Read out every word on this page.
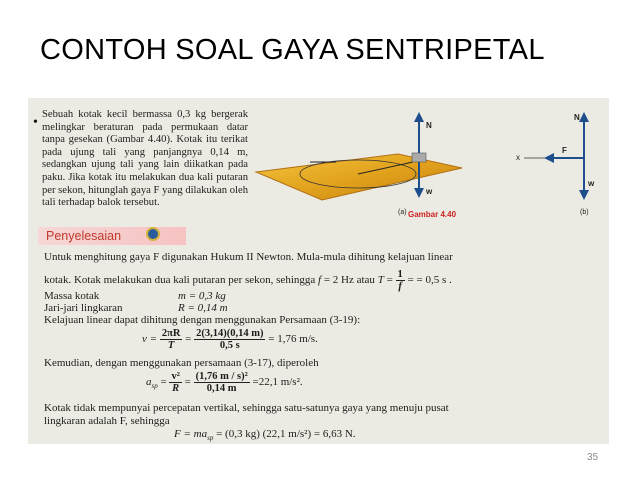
CONTOH SOAL GAYA SENTRIPETAL
•
Sebuah kotak kecil bermassa 0,3 kg bergerak melingkar beraturan pada permukaan datar tanpa gesekan (Gambar 4.40). Kotak itu terikat pada ujung tali yang panjangnya 0,14 m, sedangkan ujung tali yang lain diikatkan pada paku. Jika kotak itu melakukan dua kali putaran per sekon, hitunglah gaya F yang dilakukan oleh tali terhadap balok tersebut.
N
w
(a)
x
F
N
w
(b)
Gambar 4.40
Penyelesaian
Untuk menghitung gaya F digunakan Hukum II Newton. Mula-mula dihitung kelajuan linear
kotak. Kotak melakukan dua kali putaran per sekon, sehingga f = 2 Hz atau $T = \frac{1}{f}$ = = 0,5 s .
Massa kotak	m = 0,3 kg
Jari-jari lingkaran	R = 0,14 m
Kelajuan linear dapat dihitung dengan menggunakan Persamaan (3-19):
$v = \frac{2\pi R}{T} = \frac{2(3,14)(0,14 m)}{0,5 s} = 1,76$ m/s.
Kemudian, dengan menggunakan persamaan (3-17), diperoleh
$a_{sp} = \frac{\text{v²}}{R} = \frac{\text{(1,76 m / s)²}}{0,14 m} =22,1$ m/s².
Kotak tidak mempunyai percepatan vertikal, sehingga satu-satunya gaya yang menuju pusat
lingkaran adalah F, sehingga
$F = ma_{sp} = (0,3$ kg) (22,1 m/s²) = 6,63 N.
35
